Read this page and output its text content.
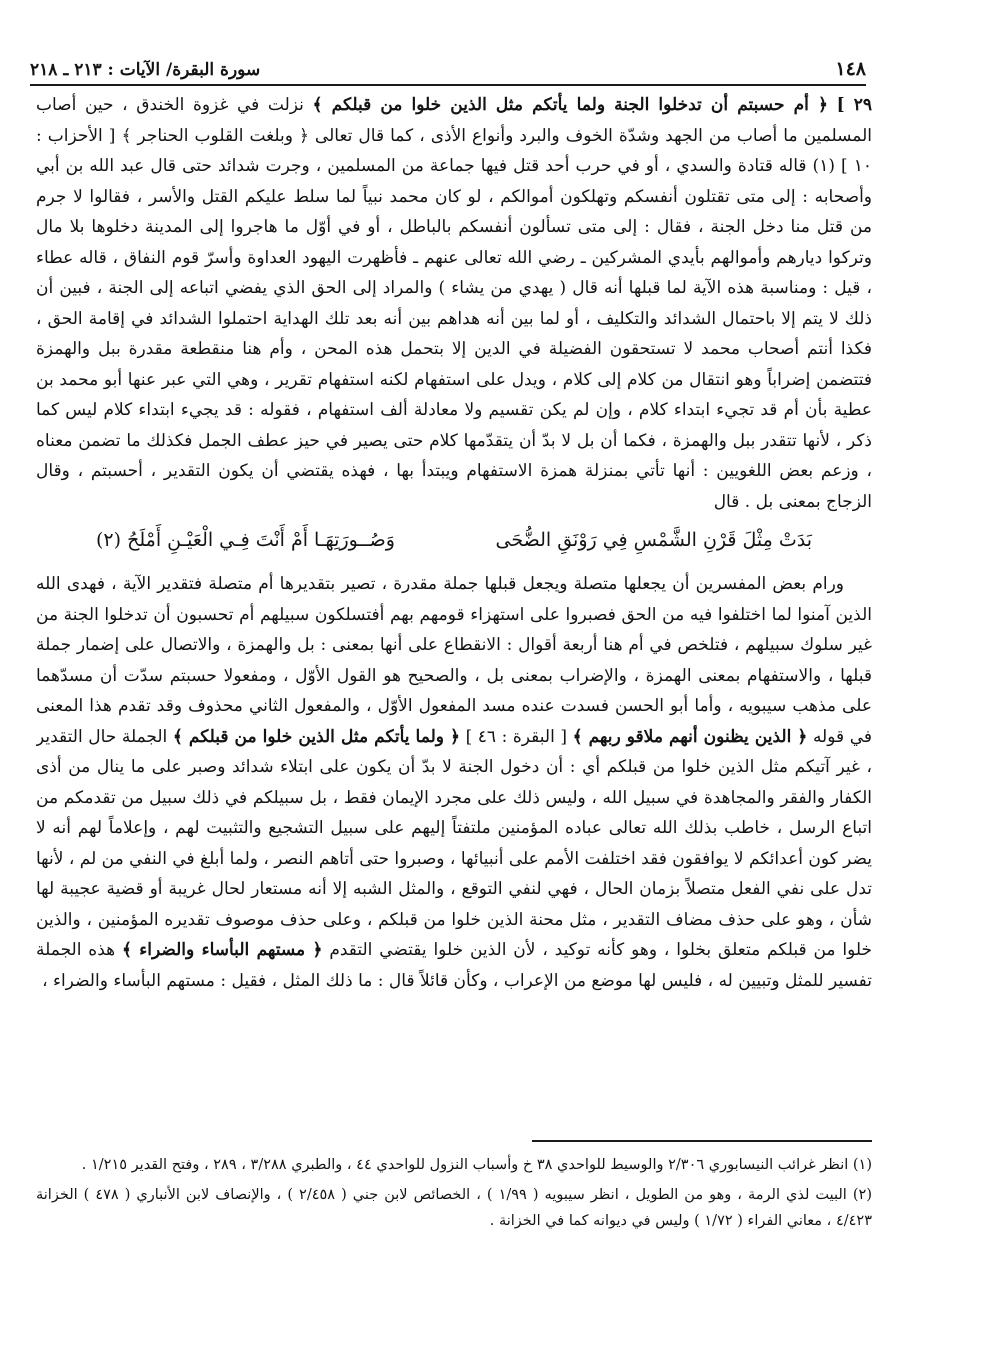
١٤٨
سورة البقرة/ الآيات : ٢١٣ ـ ٢١٨

٢٩ ] ﴿ أم حسبتم أن تدخلوا الجنة ولما يأتكم مثل الذين خلوا من قبلكم ﴾ نزلت في غزوة الخندق ، حين أصاب المسلمين ما أصاب من الجهد وشدّة الخوف والبرد وأنواع الأذى ، كما قال تعالى ﴿ وبلغت القلوب الحناجر ﴾ [ الأحزاب : ١٠ ] (١) قاله قتادة والسدي ، أو في حرب أحد قتل فيها جماعة من المسلمين ، وجرت شدائد حتى قال عبد الله بن أبي وأصحابه : إلى متى تقتلون أنفسكم وتهلكون أموالكم ، لو كان محمد نبياً لما سلط عليكم القتل والأسر ، فقالوا لا جرم من قتل منا دخل الجنة ، فقال : إلى متى تسألون أنفسكم بالباطل ، أو في أوّل ما هاجروا إلى المدينة دخلوها بلا مال وتركوا ديارهم وأموالهم بأيدي المشركين ـ رضي الله تعالى عنهم ـ فأظهرت اليهود العداوة وأسرّ قوم النفاق ، قاله عطاء ، قيل : ومناسبة هذه الآية لما قبلها أنه قال ( يهدي من يشاء ) والمراد إلى الحق الذي يفضي اتباعه إلى الجنة ، فبين أن ذلك لا يتم إلا باحتمال الشدائد والتكليف ، أو لما بين أنه هداهم بين أنه بعد تلك الهداية احتملوا الشدائد في إقامة الحق ، فكذا أنتم أصحاب محمد لا تستحقون الفضيلة في الدين إلا بتحمل هذه المحن ، وأم هنا منقطعة مقدرة ببل والهمزة فتتضمن إضراباً وهو انتقال من كلام إلى كلام ، ويدل على استفهام لكنه استفهام تقرير ، وهي التي عبر عنها أبو محمد بن عطية بأن أم قد تجيء ابتداء كلام ، وإن لم يكن تقسيم ولا معادلة ألف استفهام ، فقوله : قد يجيء ابتداء كلام ليس كما ذكر ، لأنها تتقدر ببل والهمزة ، فكما أن بل لا بدّ أن يتقدّمها كلام حتى يصير في حيز عطف الجمل فكذلك ما تضمن معناه ، وزعم بعض اللغويين : أنها تأتي بمنزلة همزة الاستفهام ويبتدأ بها ، فهذه يقتضي أن يكون التقدير ، أحسبتم ، وقال الزجاج بمعنى بل . قال

بَدَتْ مِثْلَ قَرْنِ الشَّمْسِ فِي رَوْنَقِ الضُّحَى
وَصُــورَتِهَـا أَمْ أَنْتَ فِـي الْعَيْـنِ أَمْلَحُ (٢)

ورام بعض المفسرين أن يجعلها متصلة ويجعل قبلها جملة مقدرة ، تصير بتقديرها أم متصلة فتقدير الآية ، فهدى الله الذين آمنوا لما اختلفوا فيه من الحق فصبروا على استهزاء قومهم بهم أفتسلكون سبيلهم أم تحسبون أن تدخلوا الجنة من غير سلوك سبيلهم ، فتلخص في أم هنا أربعة أقوال : الانقطاع على أنها بمعنى : بل والهمزة ، والاتصال على إضمار جملة قبلها ، والاستفهام بمعنى الهمزة ، والإضراب بمعنى بل ، والصحيح هو القول الأوّل ، ومفعولا حسبتم سدّت أن مسدّهما على مذهب سيبويه ، وأما أبو الحسن فسدت عنده مسد المفعول الأوّل ، والمفعول الثاني محذوف وقد تقدم هذا المعنى في قوله ﴿ الذين يظنون أنهم ملاقو ربهم ﴾ [ البقرة : ٤٦ ] ﴿ ولما يأتكم مثل الذين خلوا من قبلكم ﴾ الجملة حال التقدير ، غير آتيكم مثل الذين خلوا من قبلكم أي : أن دخول الجنة لا بدّ أن يكون على ابتلاء شدائد وصبر على ما ينال من أذى الكفار والفقر والمجاهدة في سبيل الله ، وليس ذلك على مجرد الإيمان فقط ، بل سبيلكم في ذلك سبيل من تقدمكم من اتباع الرسل ، خاطب بذلك الله تعالى عباده المؤمنين ملتفتاً إليهم على سبيل التشجيع والتثبيت لهم ، وإعلاماً لهم أنه لا يضر كون أعدائكم لا يوافقون فقد اختلفت الأمم على أنبيائها ، وصبروا حتى أتاهم النصر ، ولما أبلغ في النفي من لم ، لأنها تدل على نفي الفعل متصلاً بزمان الحال ، فهي لنفي التوقع ، والمثل الشبه إلا أنه مستعار لحال غريبة أو قضية عجيبة لها شأن ، وهو على حذف مضاف التقدير ، مثل محنة الذين خلوا من قبلكم ، وعلى حذف موصوف تقديره المؤمنين ، والذين خلوا من قبلكم متعلق بخلوا ، وهو كأنه توكيد ، لأن الذين خلوا يقتضي التقدم ﴿ مستهم البأساء والضراء ﴾ هذه الجملة تفسير للمثل وتبيين له ، فليس لها موضع من الإعراب ، وكأن قائلاً قال : ما ذلك المثل ، فقيل : مستهم البأساء والضراء ،

(١) انظر غرائب النيسابوري ٢/٣٠٦ والوسيط للواحدي ٣٨ خ وأسباب النزول للواحدي ٤٤ ، والطبري ٣/٢٨٨ ، ٢٨٩ ، وفتح القدير ١/٢١٥ .

(٢) البيت لذي الرمة ، وهو من الطويل ، انظر سيبويه ( ١/٩٩ ) ، الخصائص لابن جني ( ٢/٤٥٨ ) ، والإنصاف لابن الأنباري ( ٤٧٨ ) الخزانة ٤/٤٢٣ ، معاني الفراء ( ١/٧٢ ) وليس في ديوانه كما في الخزانة .
